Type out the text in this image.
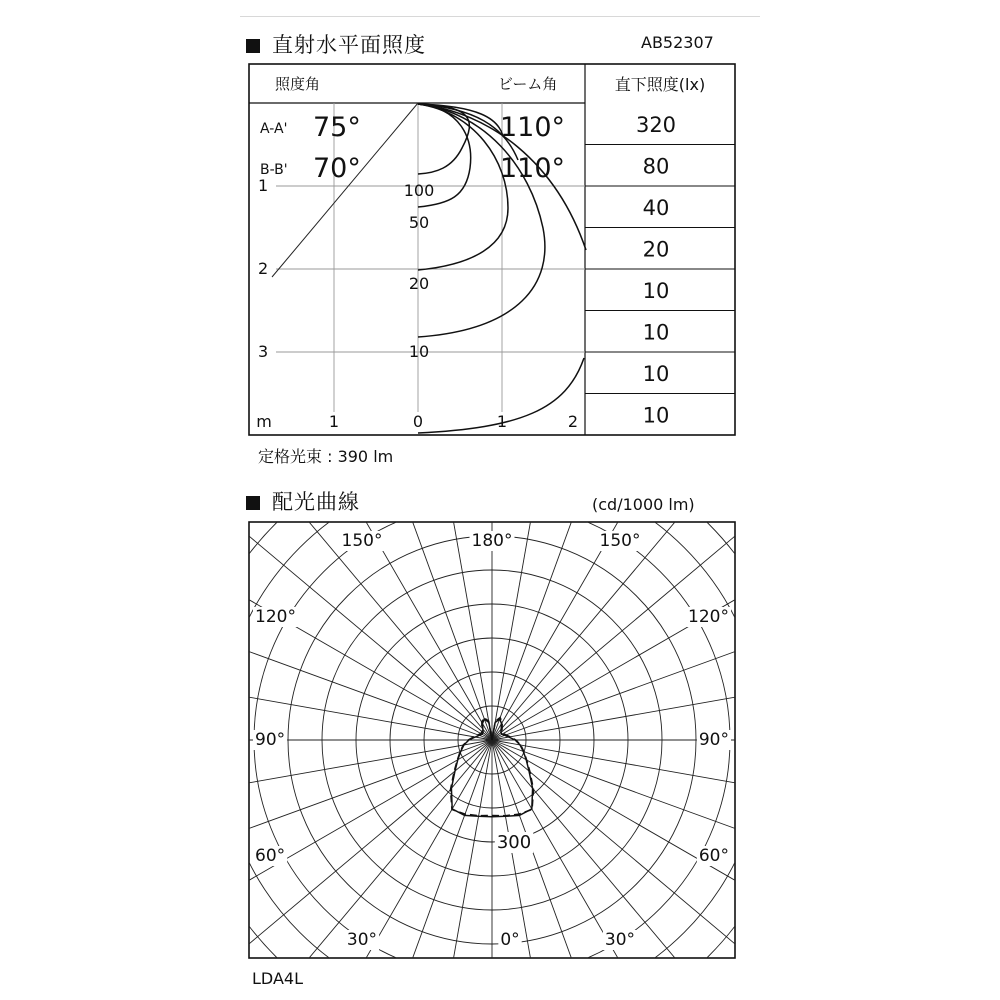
直射水平面照度	AB52307
定格光束 : 390 lm
配光曲線	(cd/1000 lm)
LDA4L
照度角	ビーム角	直下照度(lx)
A-A' 75°	110°
B-B' 70°	110°
1
2
3
m	1	0	1	2
100
50
20
10
320
80
40
20
10
10
10
10
150°	180°	150°
120°	120°
90°	90°
60°	60°
30°	0°	30°
300
